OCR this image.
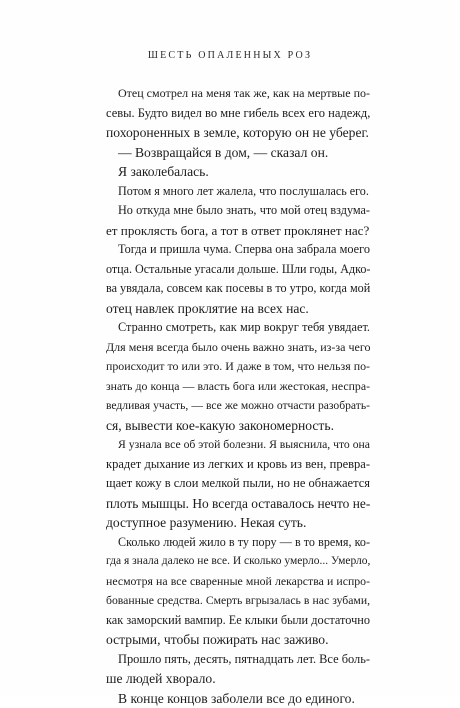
ШЕСТЬ ОПАЛЕННЫХ РОЗ
Отец смотрел на меня так же, как на мертвые по-
севы. Будто видел во мне гибель всех его надежд,
похороненных в земле, которую он не уберег.
— Возвращайся в дом, — сказал он.
Я заколебалась.
Потом я много лет жалела, что послушалась его.
Но откуда мне было знать, что мой отец вздума-
ет проклясть бога, а тот в ответ проклянет нас?
Тогда и пришла чума. Сперва она забрала моего
отца. Остальные угасали дольше. Шли годы, Адко-
ва увядала, совсем как посевы в то утро, когда мой
отец навлек проклятие на всех нас.
Странно смотреть, как мир вокруг тебя увядает.
Для меня всегда было очень важно знать, из-за чего
происходит то или это. И даже в том, что нельзя по-
знать до конца — власть бога или жестокая, неспра-
ведливая участь, — все же можно отчасти разобрать-
ся, вывести кое-какую закономерность.
Я узнала все об этой болезни. Я выяснила, что она
крадет дыхание из легких и кровь из вен, превра-
щает кожу в слои мелкой пыли, но не обнажается
плоть мышцы. Но всегда оставалось нечто не-
доступное разумению. Некая суть.
Сколько людей жило в ту пору — в то время, ко-
гда я знала далеко не все. И сколько умерло... Умерло,
несмотря на все сваренные мной лекарства и испро-
бованные средства. Смерть вгрызалась в нас зубами,
как заморский вампир. Ее клыки были достаточно
острыми, чтобы пожирать нас заживо.
Прошло пять, десять, пятнадцать лет. Все боль-
ше людей хворало.
В конце концов заболели все до единого.
